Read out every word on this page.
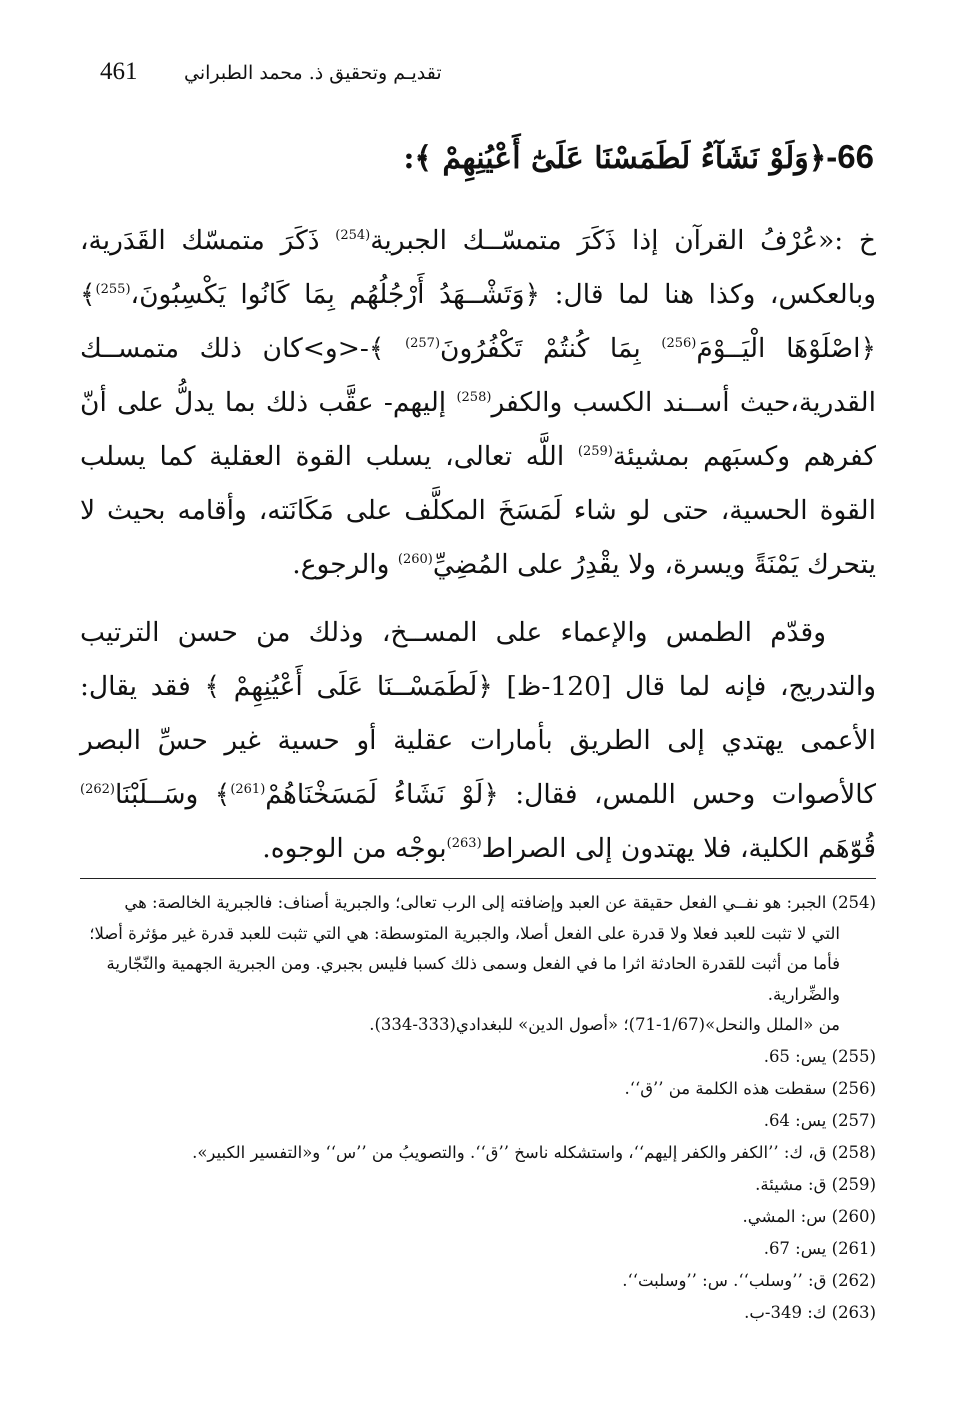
461 تقديـم وتحقيق ذ. محمد الطبراني
66-﴿وَلَوْ نَشَآءُ لَطَمَسْنَا عَلَىٰٓ أَعْيُنِهِمْ ﴾:

خ :«عُرْفُ القرآن إذا ذَكَرَ متمسّــك الجبرية$^{(254)}$ ذَكَرَ متمسّك القَدَرية، وبالعكس، وكذا هنا لما قال: ﴿وَتَشْــهَدُ أَرْجُلُهُم بِمَا كَانُوا يَكْسِبُونَ،$^{(255)}$﴾ ﴿اصْلَوْهَا الْيَــوْمَ$^{(256)}$ بِمَا كُنتُمْ تَكْفُرُونَ$^{(257)}$ ﴾-<و>كان ذلك متمســك القدرية،حيث أســند الكسب والكفر$^{(258)}$ إليهم- عقَّب ذلك بما يدلُّ على أنّ كفرهم وكسبَهم بمشيئة$^{(259)}$ اللَّه تعالى، يسلب القوة العقلية كما يسلب القوة الحسية، حتى لو شاء لَمَسَخَ المكلَّف على مَكَانَته، وأقامه بحيث لا يتحرك يَمْنَةً ويسرة، ولا يقْدِرُ على المُضِيِّ$^{(260)}$ والرجوع.

وقدّم الطمس والإعماء على المســخ، وذلك من حسن الترتيب والتدريج، فإنه لما قال [120-ظ] ﴿لَطَمَسْــنَا عَلَى أَعْيُنِهِمْ ﴾ فقد يقال: الأعمى يهتدي إلى الطريق بأمارات عقلية أو حسية غير حسِّ البصر كالأصوات وحس اللمس، فقال: ﴿لَوْ نَشَاءُ لَمَسَخْنَاهُمْ$^{(261)}$﴾ وسَــلَبْنَا$^{(262)}$ قُوّهَم الكلية، فلا يهتدون إلى الصراط$^{(263)}$بوجْه من الوجوه.

(254) الجبر: هو نفــي الفعل حقيقة عن العبد وإضافته إلى الرب تعالى؛ والجبرية أصناف: فالجبرية الخالصة: هي
التي لا تثبت للعبد فعلا ولا قدرة على الفعل أصلا، والجبرية المتوسطة: هي التي تثبت للعبد قدرة غير مؤثرة أصلا؛ فأما من أثبت للقدرة الحادثة اثرا ما في الفعل وسمى ذلك كسبا فليس بجبري. ومن الجبرية الجهمية والنّجّارية والضِّرارية.

من «الملل والنحل»(1/67-71)؛ «أصول الدين» للبغدادي(333-334).

(255) يس: 65.

(256) سقطت هذه الكلمة من ’’ق‘‘.

(257) يس: 64.

(258) ق، ك: ’’الكفر والكفر إليهم‘‘، واستشكله ناسخ ’’ق‘‘. والتصويبُ من ’’س‘‘ و«التفسير الكبير».

(259) ق: مشيئة.

(260) س: المشي.

(261) يس: 67.

(262) ق: ’’وسلب‘‘. س: ’’وسلبت‘‘.

(263) ك: 349-ب.
